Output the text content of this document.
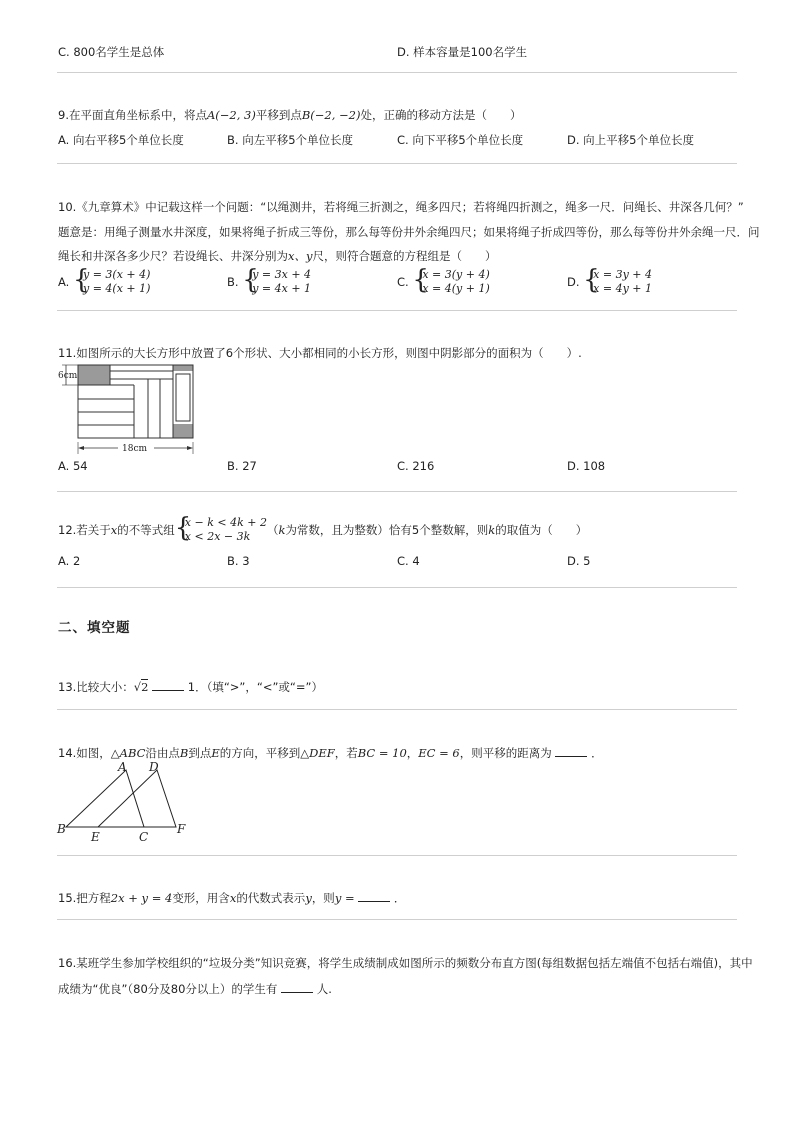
C. 800名学生是总体	D. 样本容量是100名学生
9.在平面直角坐标系中，将点A(−2, 3)平移到点B(−2, −2)处，正确的移动方法是（　　）
A. 向右平移5个单位长度	B. 向左平移5个单位长度	C. 向下平移5个单位长度	D. 向上平移5个单位长度
10.《九章算术》中记载这样一个问题：“以绳测井，若将绳三折测之，绳多四尺；若将绳四折测之，绳多一尺．问绳长、井深各几何？”
题意是：用绳子测量水井深度，如果将绳子折成三等份，那么每等份井外余绳四尺；如果将绳子折成四等份，那么每等份井外余绳一尺．问
绳长和井深各多少尺？若设绳长、井深分别为x、y尺，则符合题意的方程组是（　　）
A. {
y = 3(x + 4)
y = 4(x + 1)	B. {
y = 3x + 4
y = 4x + 1	C. {
x = 3(y + 4)
x = 4(y + 1)	D. {
x = 3y + 4
x = 4y + 1
11.如图所示的大长方形中放置了6个形状、大小都相同的小长方形，则图中阴影部分的面积为（　　）.
6cm
18cm
A. 54	B. 27	C. 216	D. 108
12.若关于x的不等式组 {
x − k < 4k + 2
x < 2x − 3k	（k为常数，且为整数）恰有5个整数解，则k的取值为（　　）
A. 2	B. 3	C. 4	D. 5
二、填空题
13.比较大小：√2	1．（填“>”，“<”或“=”）
14.如图，△ABC沿由点B到点E的方向，平移到△DEF，若BC = 10，EC = 6，则平移的距离为	．
A D
B
E	C
F
15.把方程2x + y = 4变形，用含x的代数式表示y，则y =	．
16.某班学生参加学校组织的“垃圾分类”知识竞赛，将学生成绩制成如图所示的频数分布直方图(每组数据包括左端值不包括右端值)，其中
成绩为“优良”（80分及80分以上）的学生有	人.
